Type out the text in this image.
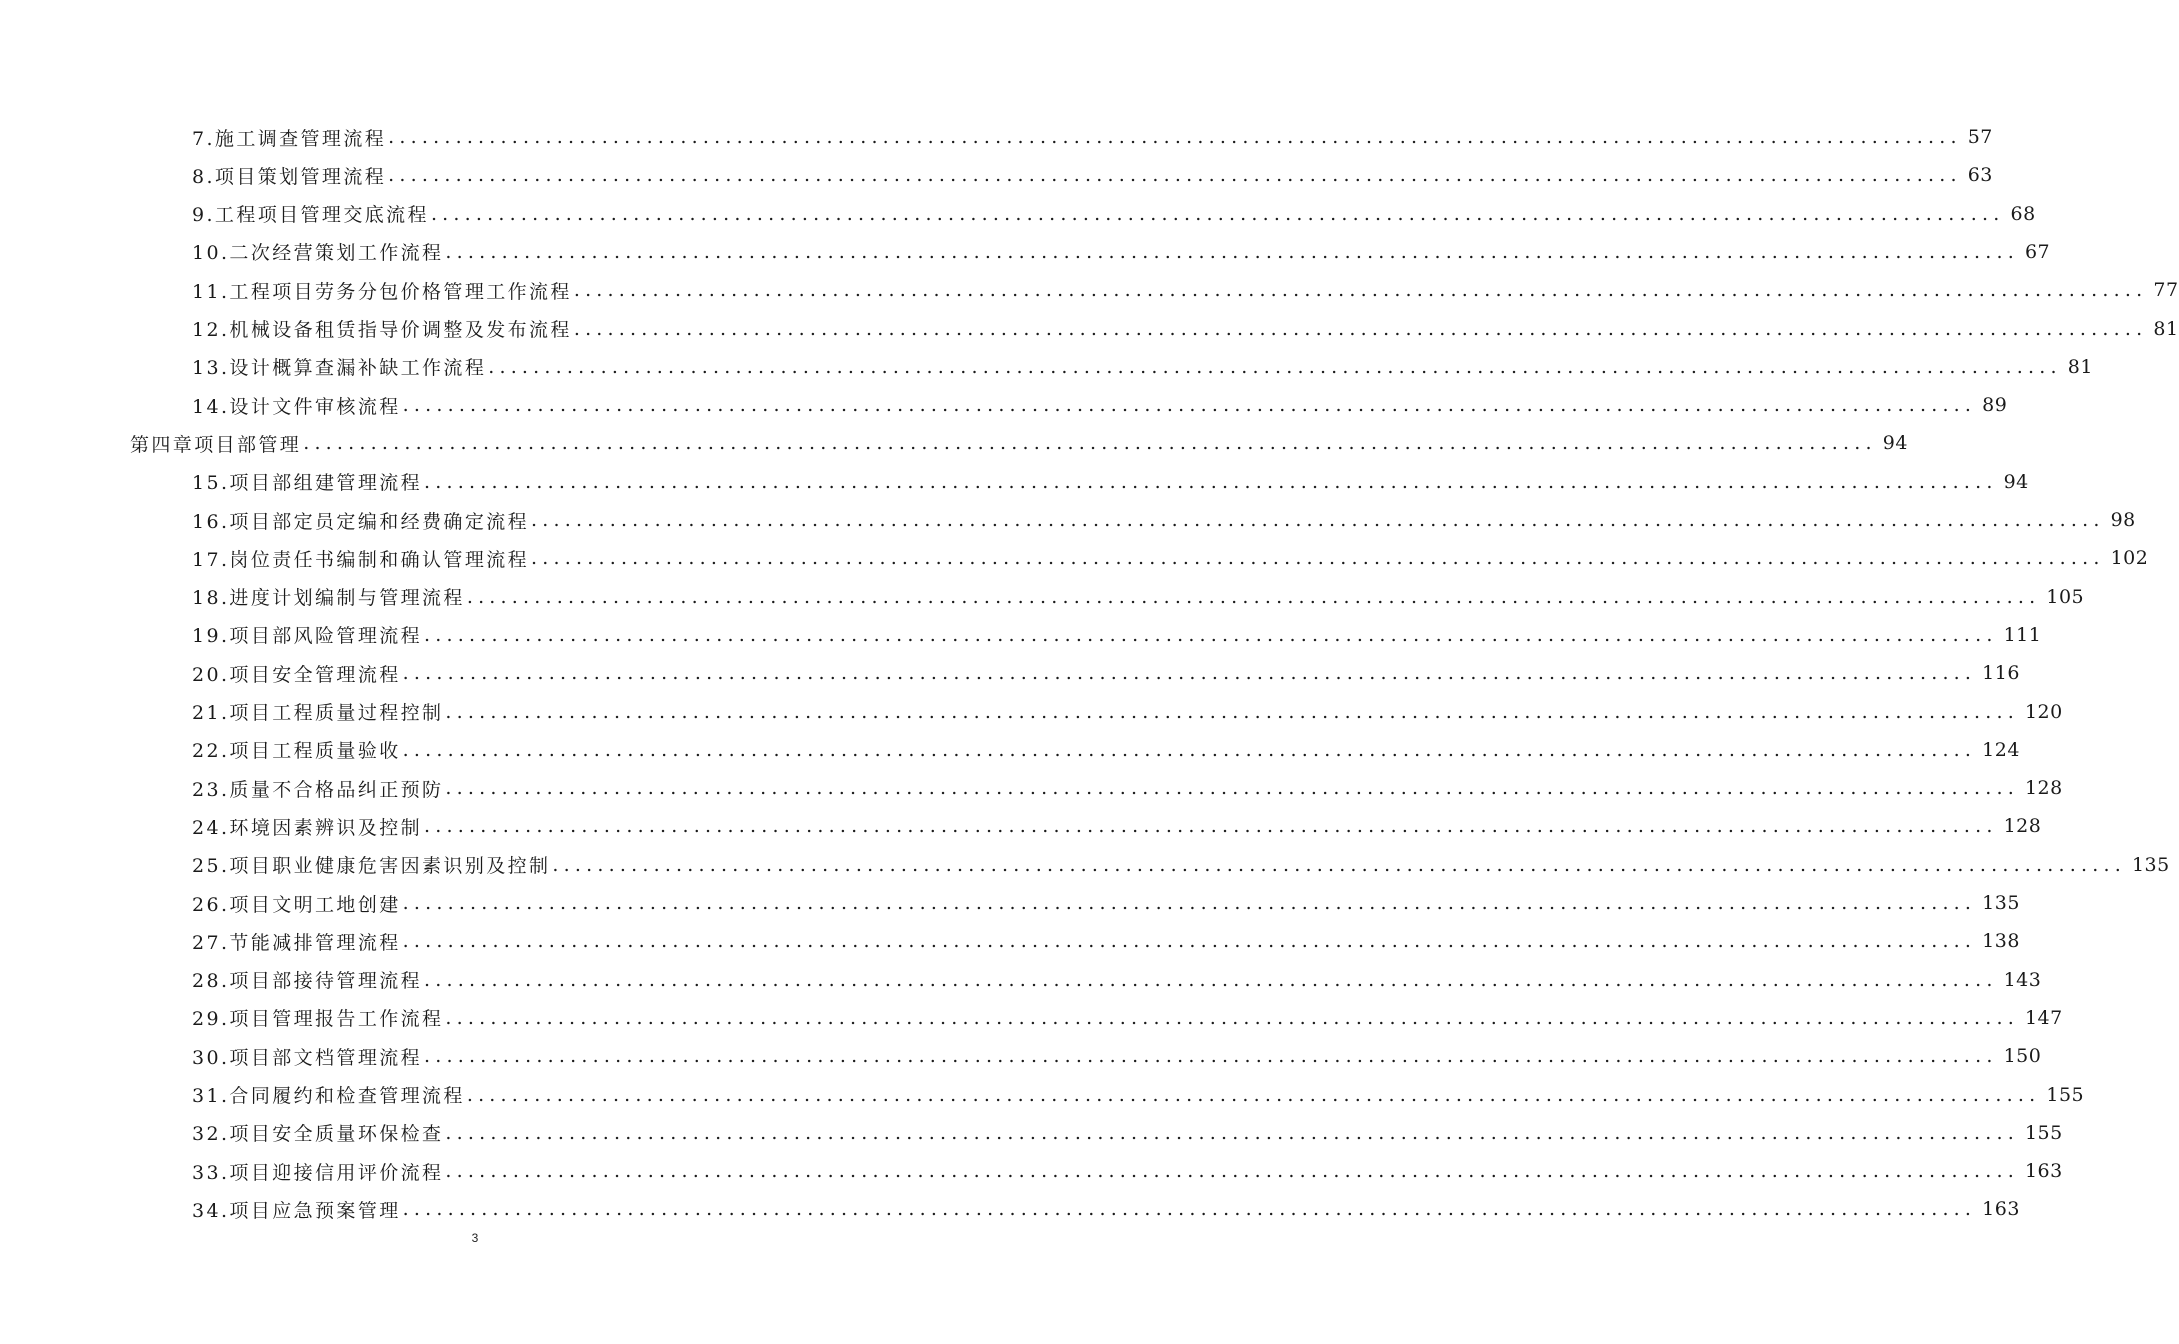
7.施工调查管理流程 ............................................................................................................................................ 57
8.项目策划管理流程 ............................................................................................................................................ 63
9.工程项目管理交底流程 ............................................................................................................................................ 68
10.二次经营策划工作流程 ............................................................................................................................................ 67
11.工程项目劳务分包价格管理工作流程 ............................................................................................................................................ 77
12.机械设备租赁指导价调整及发布流程 ............................................................................................................................................ 81
13.设计概算查漏补缺工作流程 ............................................................................................................................................ 81
14.设计文件审核流程 ............................................................................................................................................ 89
第四章项目部管理 ............................................................................................................................................ 94
15.项目部组建管理流程 ............................................................................................................................................ 94
16.项目部定员定编和经费确定流程 ............................................................................................................................................ 98
17.岗位责任书编制和确认管理流程 ............................................................................................................................................ 102
18.进度计划编制与管理流程 ............................................................................................................................................ 105
19.项目部风险管理流程 ............................................................................................................................................ 111
20.项目安全管理流程 ............................................................................................................................................ 116
21.项目工程质量过程控制 ............................................................................................................................................ 120
22.项目工程质量验收 ............................................................................................................................................ 124
23.质量不合格品纠正预防 ............................................................................................................................................ 128
24.环境因素辨识及控制 ............................................................................................................................................ 128
25.项目职业健康危害因素识别及控制 ............................................................................................................................................ 135
26.项目文明工地创建 ............................................................................................................................................ 135
27.节能减排管理流程 ............................................................................................................................................ 138
28.项目部接待管理流程 ............................................................................................................................................ 143
29.项目管理报告工作流程 ............................................................................................................................................ 147
30.项目部文档管理流程 ............................................................................................................................................ 150
31.合同履约和检查管理流程 ............................................................................................................................................ 155
32.项目安全质量环保检查 ............................................................................................................................................ 155
33.项目迎接信用评价流程 ............................................................................................................................................ 163
34.项目应急预案管理 ............................................................................................................................................ 163
3
